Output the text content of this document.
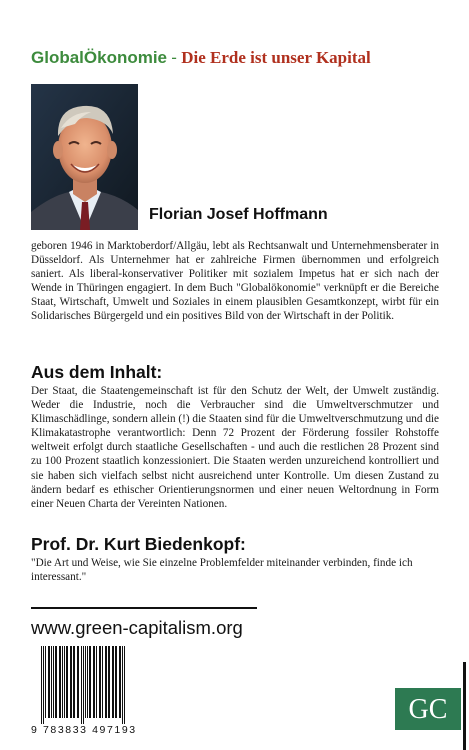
GlobalÖkonomie - Die Erde ist unser Kapital
Florian Josef Hoffmann
geboren 1946 in Marktoberdorf/Allgäu, lebt als Rechtsanwalt und Unternehmensberater in Düsseldorf. Als Unternehmer hat er zahlreiche Firmen übernommen und erfolgreich saniert. Als liberal-konservativer Politiker mit sozialem Impetus hat er sich nach der Wende in Thüringen engagiert. In dem Buch "Globalökonomie" verknüpft er die Bereiche Staat, Wirtschaft, Umwelt und Soziales in einem plausiblen Gesamtkonzept, wirbt für ein Solidarisches Bürgergeld und ein positives Bild von der Wirtschaft in der Politik.
Aus dem Inhalt:
Der Staat, die Staatengemeinschaft ist für den Schutz der Welt, der Umwelt zuständig. Weder die Industrie, noch die Verbraucher sind die Umweltverschmutzer und Klimaschädlinge, sondern allein (!) die Staaten sind für die Umweltverschmutzung und die Klimakatastrophe verantwortlich: Denn 72 Prozent der Förderung fossiler Rohstoffe weltweit erfolgt durch staatliche Gesellschaften - und auch die restlichen 28 Prozent sind zu 100 Prozent staatlich konzessioniert. Die Staaten werden unzureichend kontrolliert und sie haben sich vielfach selbst nicht ausreichend unter Kontrolle. Um diesen Zustand zu ändern bedarf es ethischer Orientierungsnormen und einer neuen Weltordnung in Form einer Neuen Charta der Vereinten Nationen.
Prof. Dr. Kurt Biedenkopf:
"Die Art und Weise, wie Sie einzelne Problemfelder miteinander verbinden, finde ich interessant."
www.green-capitalism.org
9 783833 497193
GC
